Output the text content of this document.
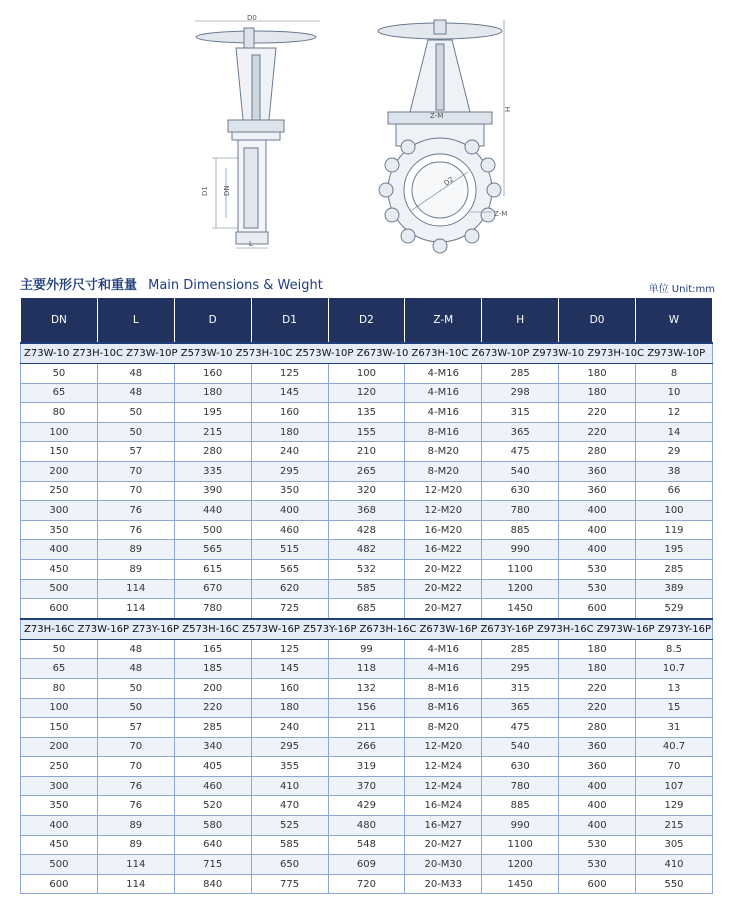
D0
D1 DN
L
H
Z-M
D2
Z-M
主要外形尺寸和重量 Main Dimensions & Weight	单位 Unit:mm
DN	L	D	D1	D2	Z-M	H	D0	W
Z73W-10 Z73H-10C Z73W-10P Z573W-10 Z573H-10C Z573W-10P Z673W-10 Z673H-10C Z673W-10P Z973W-10 Z973H-10C Z973W-10P								
50	48	160	125	100	4-M16	285	180	8
65	48	180	145	120	4-M16	298	180	10
80	50	195	160	135	4-M16	315	220	12
100	50	215	180	155	8-M16	365	220	14
150	57	280	240	210	8-M20	475	280	29
200	70	335	295	265	8-M20	540	360	38
250	70	390	350	320	12-M20	630	360	66
300	76	440	400	368	12-M20	780	400	100
350	76	500	460	428	16-M20	885	400	119
400	89	565	515	482	16-M22	990	400	195
450	89	615	565	532	20-M22	1100	530	285
500	114	670	620	585	20-M22	1200	530	389
600	114	780	725	685	20-M27	1450	600	529
Z73H-16C Z73W-16P Z73Y-16P Z573H-16C Z573W-16P Z573Y-16P Z673H-16C Z673W-16P Z673Y-16P Z973H-16C Z973W-16P Z973Y-16P								
50	48	165	125	99	4-M16	285	180	8.5
65	48	185	145	118	4-M16	295	180	10.7
80	50	200	160	132	8-M16	315	220	13
100	50	220	180	156	8-M16	365	220	15
150	57	285	240	211	8-M20	475	280	31
200	70	340	295	266	12-M20	540	360	40.7
250	70	405	355	319	12-M24	630	360	70
300	76	460	410	370	12-M24	780	400	107
350	76	520	470	429	16-M24	885	400	129
400	89	580	525	480	16-M27	990	400	215
450	89	640	585	548	20-M27	1100	530	305
500	114	715	650	609	20-M30	1200	530	410
600	114	840	775	720	20-M33	1450	600	550
